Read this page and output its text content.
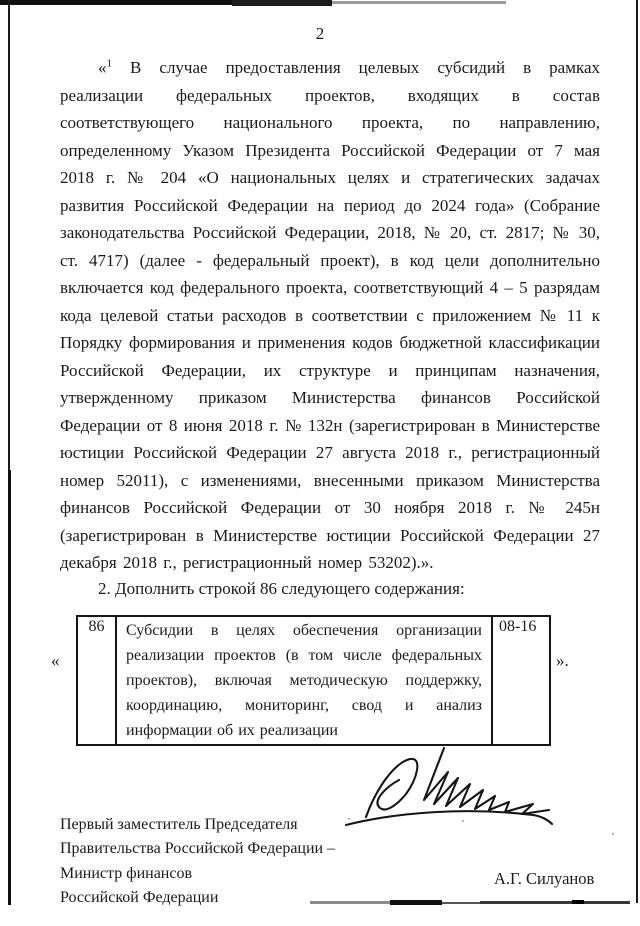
2

«$^1$ В случае предоставления целевых субсидий в рамках реализации федеральных проектов, входящих в состав соответствующего национального проекта, по направлению, определенному Указом Президента Российской Федерации от 7 мая 2018 г. № 204 «О национальных целях и стратегических задачах развития Российской Федерации на период до 2024 года» (Собрание законодательства Российской Федерации, 2018, № 20, ст. 2817; № 30, ст. 4717) (далее - федеральный проект), в код цели дополнительно включается код федерального проекта, соответствующий 4 – 5 разрядам кода целевой статьи расходов в соответствии с приложением № 11 к Порядку формирования и применения кодов бюджетной классификации Российской Федерации, их структуре и принципам назначения, утвержденному приказом Министерства финансов Российской Федерации от 8 июня 2018 г. № 132н (зарегистрирован в Министерстве юстиции Российской Федерации 27 августа 2018 г., регистрационный номер 52011), с изменениями, внесенными приказом Министерства финансов Российской Федерации от 30 ноября 2018 г. № 245н (зарегистрирован в Министерстве юстиции Российской Федерации 27 декабря 2018 г., регистрационный номер 53202).».

2. Дополнить строкой 86 следующего содержания:

«
86	Субсидии в целях обеспечения организации реализации проектов (в том числе федеральных проектов), включая методическую поддержку, координацию, мониторинг, свод и анализ информации об их реализации	08-16
».
Первый заместитель Председателя
Правительства Российской Федерации –
Министр финансов
Российской Федерации
А.Г. Силуанов
